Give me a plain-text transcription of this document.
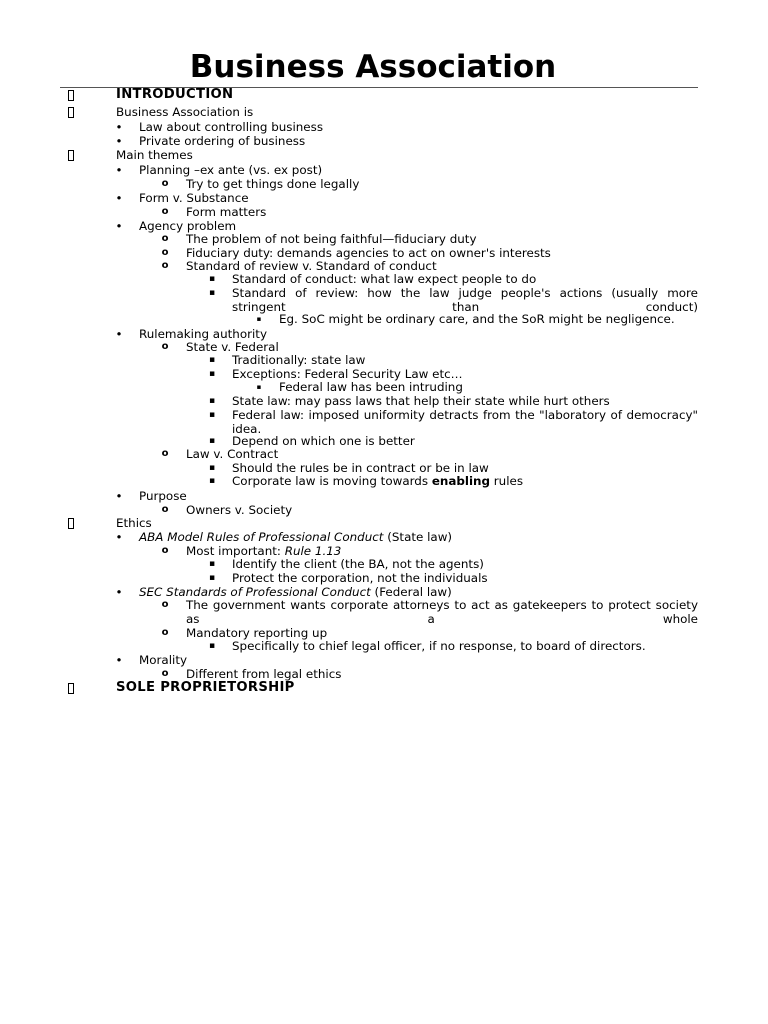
Business Association
INTRODUCTION
Business Association is
• Law about controlling business
• Private ordering of business
Main themes
• Planning –ex ante (vs. ex post)
o Try to get things done legally
• Form v. Substance
o Form matters
• Agency problem
o The problem of not being faithful—fiduciary duty
o Fiduciary duty: demands agencies to act on owner's interests
o Standard of review v. Standard of conduct
▪ Standard of conduct: what law expect people to do
▪ Standard of review: how the law judge people's actions (usually more stringent than conduct)
▪ Eg. SoC might be ordinary care, and the SoR might be negligence.
• Rulemaking authority
o State v. Federal
▪ Traditionally: state law
▪ Exceptions: Federal Security Law etc…
▪ Federal law has been intruding
▪ State law: may pass laws that help their state while hurt others
▪ Federal law: imposed uniformity detracts from the "laboratory of democracy" idea.
▪ Depend on which one is better
o Law v. Contract
▪ Should the rules be in contract or be in law
▪ Corporate law is moving towards enabling rules
• Purpose
o Owners v. Society
Ethics
• ABA Model Rules of Professional Conduct (State law)
o Most important: Rule 1.13
▪ Identify the client (the BA, not the agents)
▪ Protect the corporation, not the individuals
• SEC Standards of Professional Conduct (Federal law)
o The government wants corporate attorneys to act as gatekeepers to protect society as a whole
o Mandatory reporting up
▪ Specifically to chief legal officer, if no response, to board of directors.
• Morality
o Different from legal ethics
SOLE PROPRIETORSHIP
